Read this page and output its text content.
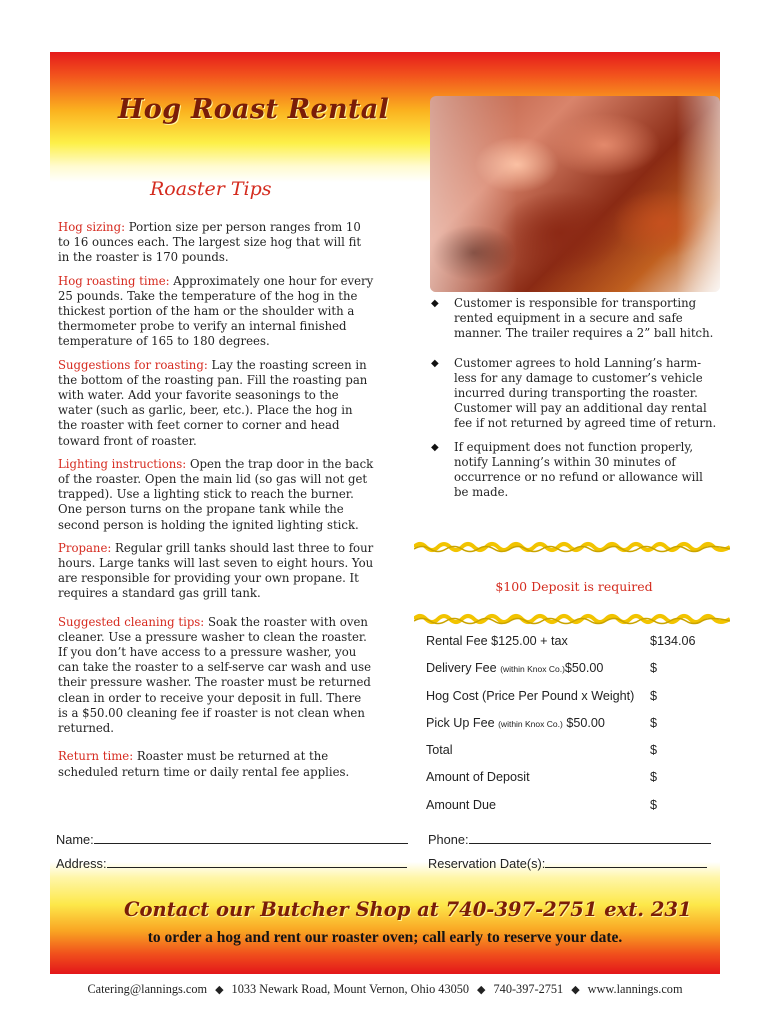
Hog Roast Rental
Roaster Tips

Hog sizing: Portion size per person ranges from 10 to 16 ounces each. The largest size hog that will fit in the roaster is 170 pounds.

Hog roasting time: Approximately one hour for every 25 pounds. Take the temperature of the hog in the thickest portion of the ham or the shoulder with a thermometer probe to verify an internal finished temperature of 165 to 180 degrees.

Suggestions for roasting: Lay the roasting screen in the bottom of the roasting pan. Fill the roasting pan with water. Add your favorite seasonings to the water (such as garlic, beer, etc.). Place the hog in the roaster with feet corner to corner and head toward front of roaster.

Lighting instructions: Open the trap door in the back of the roaster. Open the main lid (so gas will not get trapped). Use a lighting stick to reach the burner. One person turns on the propane tank while the second person is holding the ignited lighting stick.

Propane: Regular grill tanks should last three to four hours. Large tanks will last seven to eight hours. You are responsible for providing your own propane. It requires a standard gas grill tank.

Suggested cleaning tips: Soak the roaster with oven cleaner. Use a pressure washer to clean the roaster. If you don’t have access to a pressure washer, you can take the roaster to a self-serve car wash and use their pressure washer. The roaster must be returned clean in order to receive your deposit in full. There is a $50.00 cleaning fee if roaster is not clean when returned.

Return time: Roaster must be returned at the scheduled return time or daily rental fee applies.

◆ Customer is responsible for transporting rented equipment in a secure and safe manner. The trailer requires a 2” ball hitch.
◆ Customer agrees to hold Lanning’s harm-less for any damage to customer’s vehicle incurred during transporting the roaster. Customer will pay an additional day rental fee if not returned by agreed time of return.
◆ If equipment does not function properly, notify Lanning’s within 30 minutes of occurrence or no refund or allowance will be made.
$100 Deposit is required
Rental Fee $125.00 + tax	$134.06
Delivery Fee (within Knox Co.)$50.00	$
Hog Cost (Price Per Pound x Weight) $
Pick Up Fee (within Knox Co.) $50.00	$
Total	$
Amount of Deposit	$
Amount Due	$
Name:
Address:
Phone:
Reservation Date(s):
Contact our Butcher Shop at 740-397-2751 ext. 231
to order a hog and rent our roaster oven; call early to reserve your date.
Catering@lannings.com ◆ 1033 Newark Road, Mount Vernon, Ohio 43050 ◆ 740-397-2751 ◆ www.lannings.com
